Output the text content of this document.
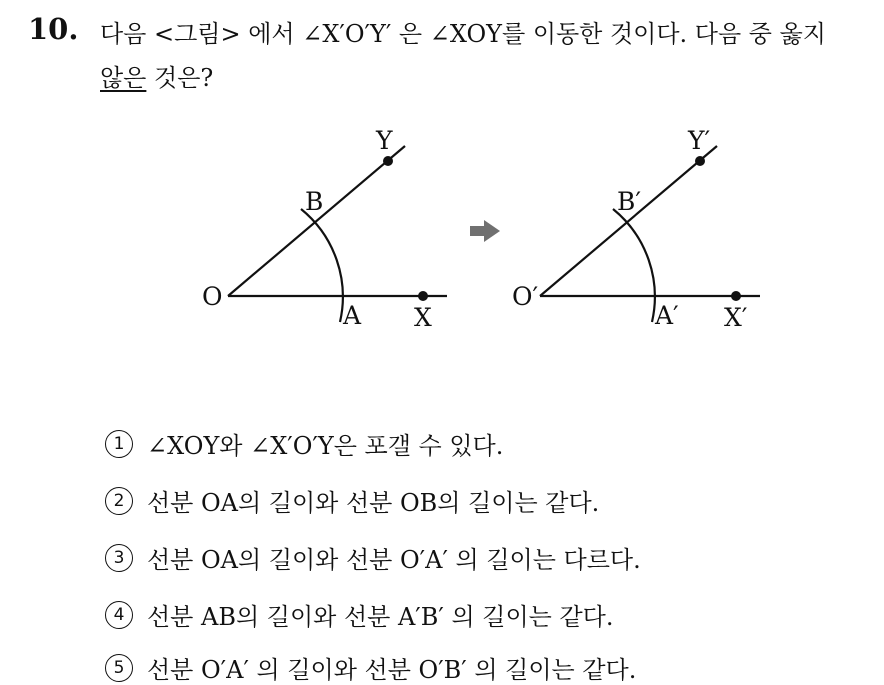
10. 다음 <그림> 에서 ∠X′O′Y′ 은 ∠XOY를 이동한 것이다. 다음 중 옳지
않은 것은?
O
A
B
X
Y
O′
A′
B′
X′
Y′
1 ∠XOY와 ∠X′O′Y은 포갤 수 있다.
2 선분 OA의 길이와 선분 OB의 길이는 같다.
3 선분 OA의 길이와 선분 O′A′ 의 길이는 다르다.
4 선분 AB의 길이와 선분 A′B′ 의 길이는 같다.
5 선분 O′A′ 의 길이와 선분 O′B′ 의 길이는 같다.
